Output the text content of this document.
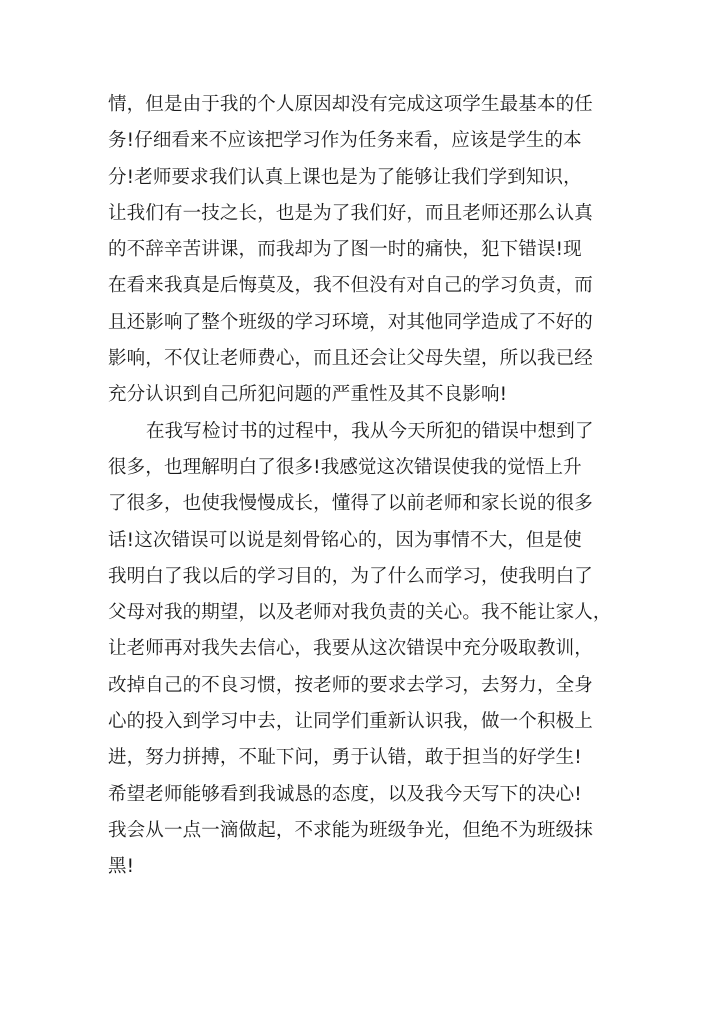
情，但是由于我的个人原因却没有完成这项学生最基本的任
务!仔细看来不应该把学习作为任务来看，应该是学生的本
分!老师要求我们认真上课也是为了能够让我们学到知识，
让我们有一技之长，也是为了我们好，而且老师还那么认真
的不辞辛苦讲课，而我却为了图一时的痛快，犯下错误!现
在看来我真是后悔莫及，我不但没有对自己的学习负责，而
且还影响了整个班级的学习环境，对其他同学造成了不好的
影响，不仅让老师费心，而且还会让父母失望，所以我已经
充分认识到自己所犯问题的严重性及其不良影响!
在我写检讨书的过程中，我从今天所犯的错误中想到了
很多，也理解明白了很多!我感觉这次错误使我的觉悟上升
了很多，也使我慢慢成长，懂得了以前老师和家长说的很多
话!这次错误可以说是刻骨铭心的，因为事情不大，但是使
我明白了我以后的学习目的，为了什么而学习，使我明白了
父母对我的期望，以及老师对我负责的关心。我不能让家人，
让老师再对我失去信心，我要从这次错误中充分吸取教训，
改掉自己的不良习惯，按老师的要求去学习，去努力，全身
心的投入到学习中去，让同学们重新认识我，做一个积极上
进，努力拼搏，不耻下问，勇于认错，敢于担当的好学生!
希望老师能够看到我诚恳的态度，以及我今天写下的决心!
我会从一点一滴做起，不求能为班级争光，但绝不为班级抹
黑!
